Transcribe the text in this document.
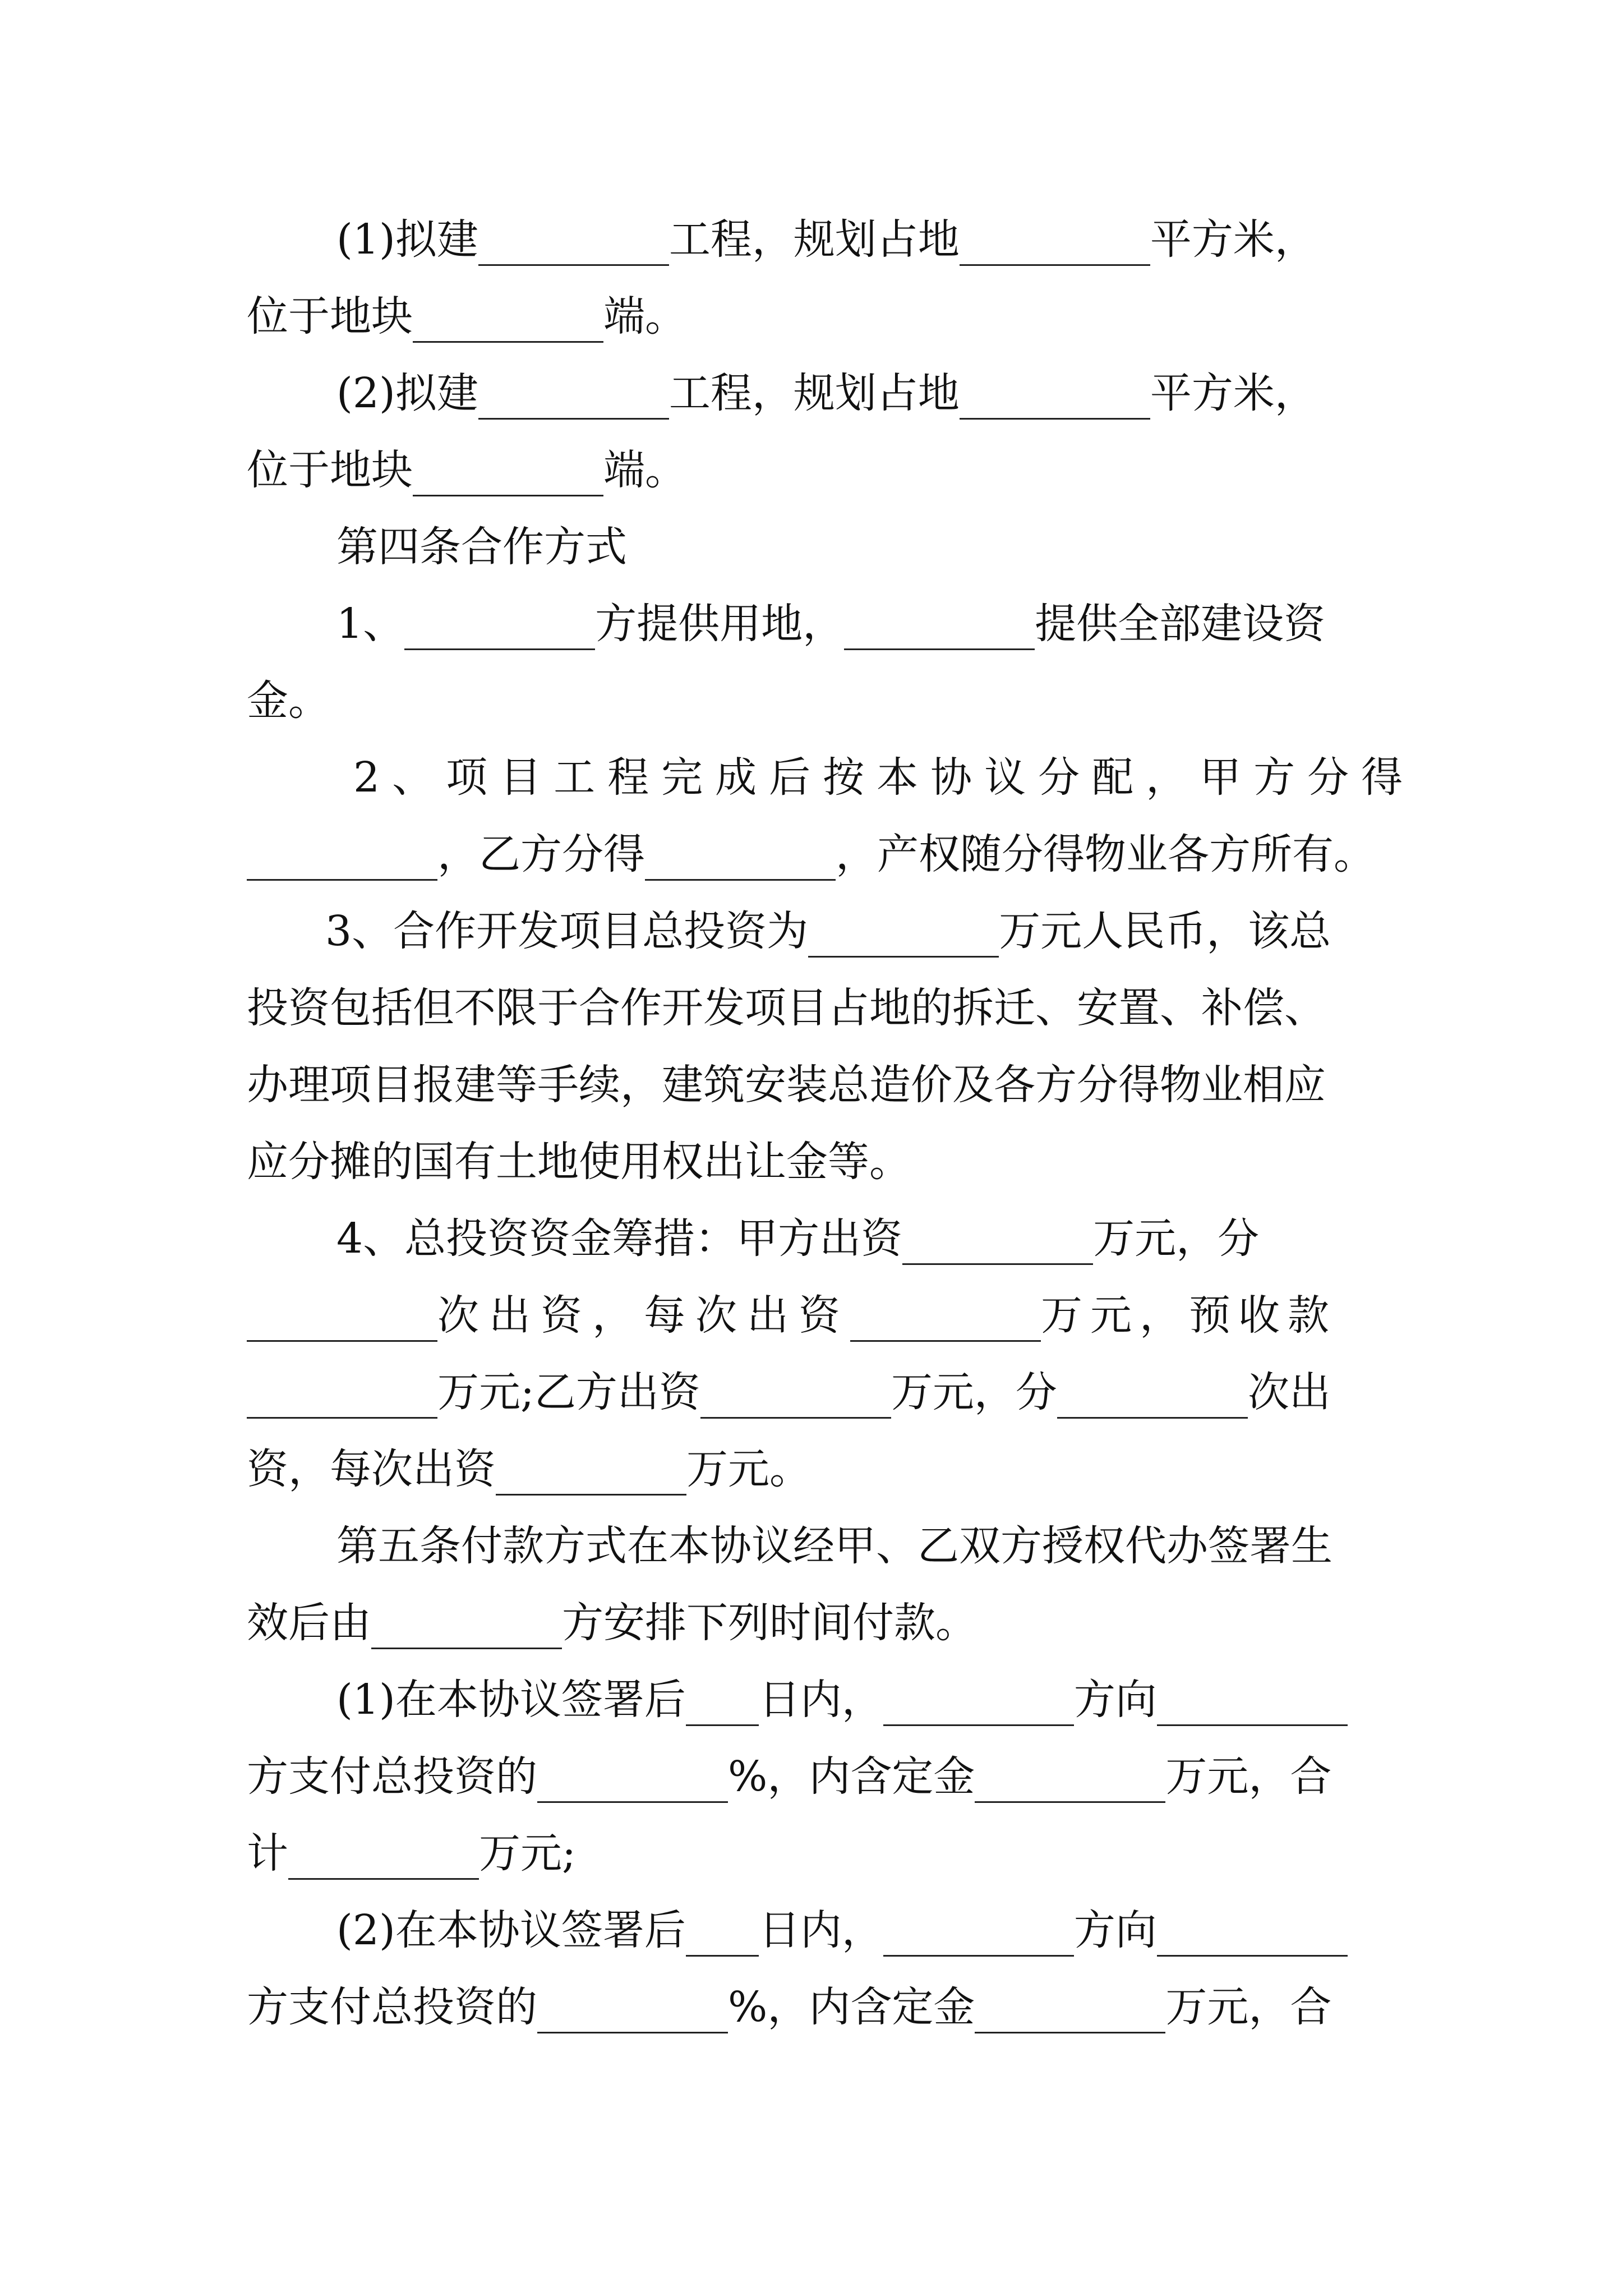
(1)拟建	工程，规划占地	平方米，
位于地块	端。
(2)拟建	工程，规划占地	平方米，
位于地块	端。
第四条合作方式
1、	方提供用地，	提供全部建设资
金。
2、项目工程完成后按本协议分配，甲方分得
，乙方分得	，产权随分得物业各方所有。
3、合作开发项目总投资为	万元人民币，该总
投资包括但不限于合作开发项目占地的拆迁、安置、补偿、
办理项目报建等手续，建筑安装总造价及各方分得物业相应
应分摊的国有土地使用权出让金等。
4、总投资资金筹措：甲方出资	万元，分
次出资，每次出资	万元，预收款
万元;乙方出资	万元，分	次出
资，每次出资	万元。
第五条付款方式在本协议经甲、乙双方授权代办签署生
效后由	方安排下列时间付款。
(1)在本协议签署后 日内，	方向
方支付总投资的	%，内含定金	万元，合
计	万元;
(2)在本协议签署后 日内，	方向
方支付总投资的	%，内含定金	万元，合
